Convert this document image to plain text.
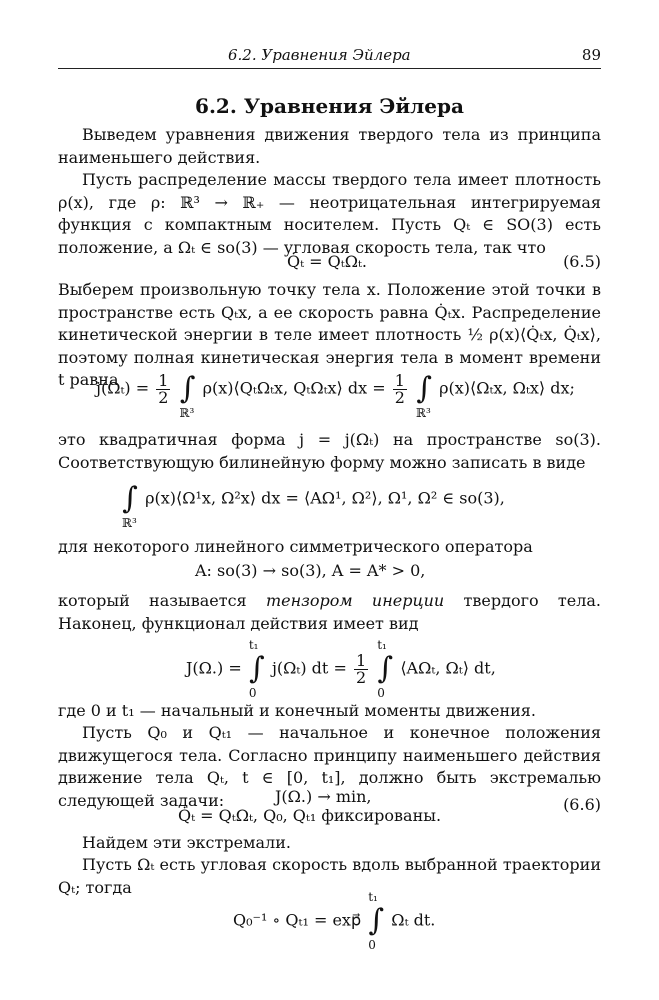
6.2. Уравнения Эйлера	89
6.2. Уравнения Эйлера

Выведем уравнения движения твердого тела из принципа наименьшего действия.

Пусть распределение массы твердого тела имеет плотность ρ(x), где ρ: ℝ³ → ℝ₊ — неотрицательная интегрируемая функция с компактным носителем. Пусть Qₜ ∈ SO(3) есть положение, а Ωₜ ∈ so(3) — угловая скорость тела, так что

Q̇ₜ = QₜΩₜ.	(6.5)

Выберем произвольную точку тела x. Положение этой точки в пространстве есть Qₜx, а ее скорость равна Q̇ₜx. Распределение кинетической энергии в теле имеет плотность ½ ρ(x)⟨Q̇ₜx, Q̇ₜx⟩, поэтому полная кинетическая энергия тела в момент времени t равна

$j(\Omega_t) = \frac{1}{2}$ ∫
ℝ³
ρ(x)⟨QₜΩₜx, QₜΩₜx⟩ dx = $\frac{1}{2}$ ∫
ℝ³
ρ(x)⟨Ωₜx, Ωₜx⟩ dx;

это квадратичная форма j = j(Ωₜ) на пространстве so(3). Соответствующую билинейную форму можно записать в виде

∫
ℝ³
ρ(x)⟨Ω¹x, Ω²x⟩ dx = ⟨AΩ¹, Ω²⟩, Ω¹, Ω² ∈ so(3),

для некоторого линейного симметрического оператора

A: so(3) → so(3), A = A* > 0,

который называется тензором инерции твердого тела. Наконец, функционал действия имеет вид

J(Ω.) =
t₁
∫
0
j(Ωₜ) dt = $\frac{1}{2}$

t₁
∫
0
⟨AΩₜ, Ωₜ⟩ dt,

где 0 и t₁ — начальный и конечный моменты движения.

Пусть Q₀ и Qₜ₁ — начальное и конечное положения движущегося тела. Согласно принципу наименьшего действия движение тела Qₜ, t ∈ [0, t₁], должно быть экстремалью следующей задачи:	J(Ω.) → min,
Q̇ₜ = QₜΩₜ, Q₀, Qₜ₁ фиксированы.
(6.6)

Найдем эти экстремали.

Пусть Ωₜ есть угловая скорость вдоль выбранной траектории Qₜ; тогда

Q₀⁻¹ ∘ Qₜ₁ = exp⃗
t₁
∫
0
Ωₜ dt.
